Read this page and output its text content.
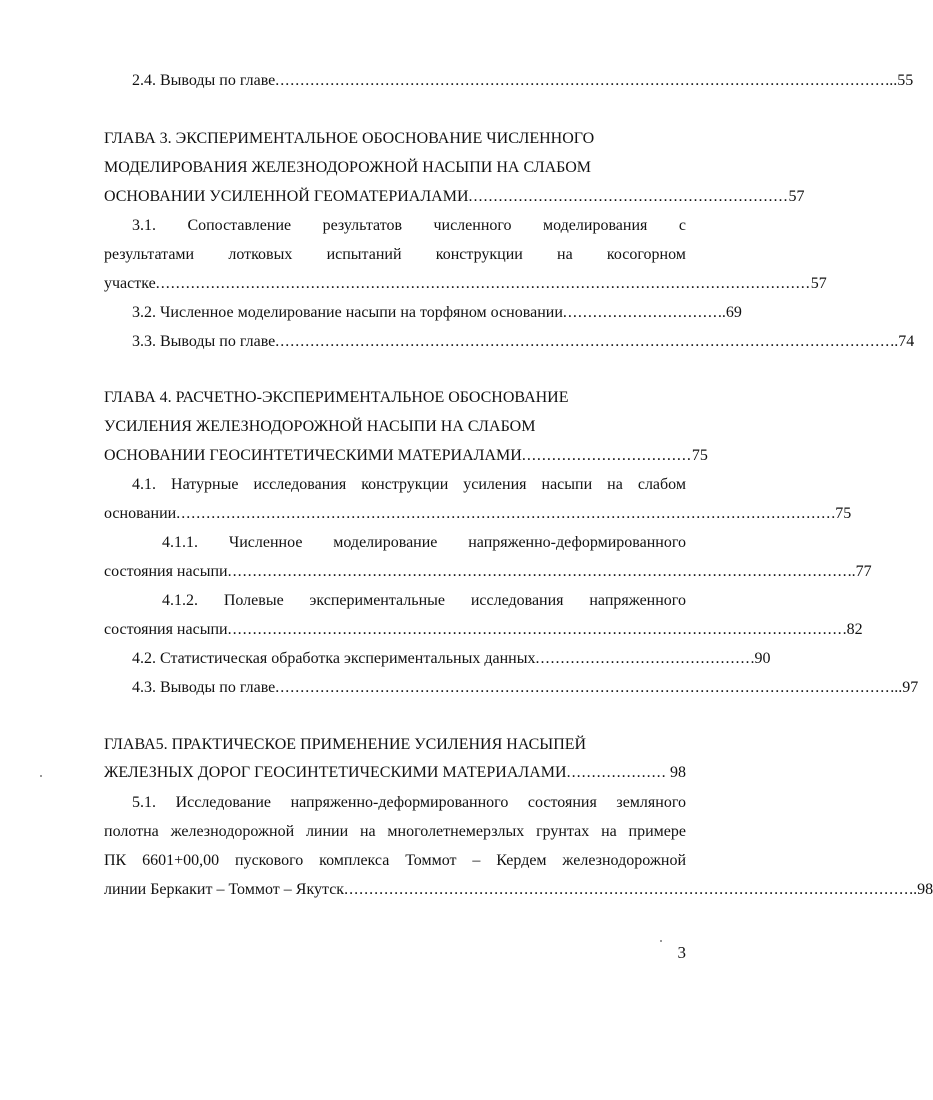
2.4. Выводы по главе .......................................................................................................................... ...55
ГЛАВА 3. ЭКСПЕРИМЕНТАЛЬНОЕ ОБОСНОВАНИЕ ЧИСЛЕННОГО
МОДЕЛИРОВАНИЯ ЖЕЛЕЗНОДОРОЖНОЙ НАСЫПИ НА СЛАБОМ
ОСНОВАНИИ УСИЛЕННОЙ ГЕОМАТЕРИАЛАМИ ................................................................ 57
3.1. Сопоставление результатов численного моделирования с
результатами лотковых испытаний конструкции на косогорном
участке ................................................................................................................................... 57
3.2. Численное моделирование насыпи на торфяном основании ............................... ..69
3.3. Выводы по главе ........................................................................................................................... ..74
ГЛАВА 4. РАСЧЕТНО-ЭКСПЕРИМЕНТАЛЬНОЕ ОБОСНОВАНИЕ
УСИЛЕНИЯ ЖЕЛЕЗНОДОРОЖНОЙ НАСЫПИ НА СЛАБОМ
ОСНОВАНИИ ГЕОСИНТЕТИЧЕСКИМИ МАТЕРИАЛАМИ .................................. 75
4.1. Натурные исследования конструкции усиления насыпи на слабом
основании ................................................................................................................................... .75
4.1.1. Численное моделирование напряженно-деформированного
состояния насыпи ............................................................................................................................ ..77
4.1.2. Полевые экспериментальные исследования напряженного
состояния насыпи ........................................................................................................................... .82
4.2. Статистическая обработка экспериментальных данных ........................................... .90
4.3. Выводы по главе ........................................................................................................................... ...97
ГЛАВА5. ПРАКТИЧЕСКОЕ ПРИМЕНЕНИЕ УСИЛЕНИЯ НАСЫПЕЙ
ЖЕЛЕЗНЫХ ДОРОГ ГЕОСИНТЕТИЧЕСКИМИ МАТЕРИАЛАМИ .................... 98
5.1. Исследование напряженно-деформированного состояния земляного
полотна железнодорожной линии на многолетнемерзлых грунтах на примере
ПК 6601+00,00 пускового комплекса Томмот – Кердем железнодорожной
линии Беркакит – Томмот – Якутск ................................................................................................................. ..98
3
